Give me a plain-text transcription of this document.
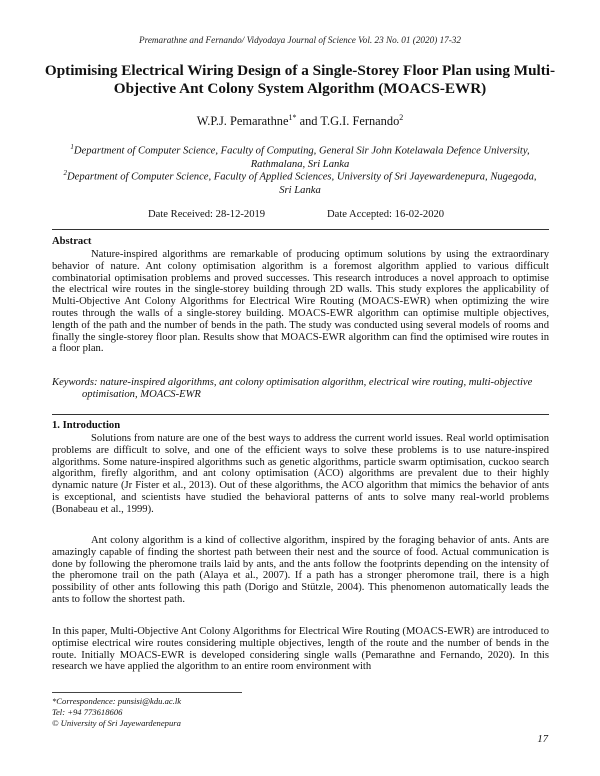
Premarathne and Fernando/ Vidyodaya Journal of Science Vol. 23 No. 01 (2020) 17-32
Optimising Electrical Wiring Design of a Single-Storey Floor Plan using Multi-Objective Ant Colony System Algorithm (MOACS-EWR)
W.P.J. Pemarathne$^{1*}$ and T.G.I. Fernando$^2$
$^1$Department of Computer Science, Faculty of Computing, General Sir John Kotelawala Defence University, Rathmalana, Sri Lanka
$^2$Department of Computer Science, Faculty of Applied Sciences, University of Sri Jayewardenepura, Nugegoda, Sri Lanka
Date Received: 28-12-2019	Date Accepted: 16-02-2020
Abstract
Nature-inspired algorithms are remarkable of producing optimum solutions by using the extraordinary behavior of nature. Ant colony optimisation algorithm is a foremost algorithm applied to various difficult combinatorial optimisation problems and proved successes. This research introduces a novel approach to optimise the electrical wire routes in the single-storey building through 2D walls. This study explores the applicability of Multi-Objective Ant Colony Algorithms for Electrical Wire Routing (MOACS-EWR) when optimizing the wire routes through the walls of a single-storey building. MOACS-EWR algorithm can optimise multiple objectives, length of the path and the number of bends in the path. The study was conducted using several models of rooms and finally the single-storey floor plan. Results show that MOACS-EWR algorithm can find the optimised wire routes in a floor plan.
Keywords: nature-inspired algorithms, ant colony optimisation algorithm, electrical wire routing, multi-objective optimisation, MOACS-EWR
1. Introduction
Solutions from nature are one of the best ways to address the current world issues. Real world optimisation problems are difficult to solve, and one of the efficient ways to solve these problems is to use nature-inspired algorithms. Some nature-inspired algorithms such as genetic algorithms, particle swarm optimisation, cuckoo search algorithm, firefly algorithm, and ant colony optimisation (ACO) algorithms are prevalent due to their highly dynamic nature (Jr Fister et al., 2013). Out of these algorithms, the ACO algorithm that mimics the behavior of ants is exceptional, and scientists have studied the behavioral patterns of ants to solve many real-world problems (Bonabeau et al., 1999).
Ant colony algorithm is a kind of collective algorithm, inspired by the foraging behavior of ants. Ants are amazingly capable of finding the shortest path between their nest and the source of food. Actual communication is done by following the pheromone trails laid by ants, and the ants follow the footprints depending on the intensity of the pheromone trail on the path (Alaya et al., 2007). If a path has a stronger pheromone trail, there is a high possibility of other ants following this path (Dorigo and Stützle, 2004). This phenomenon automatically leads the ants to follow the shortest path.
In this paper, Multi-Objective Ant Colony Algorithms for Electrical Wire Routing (MOACS-EWR) are introduced to optimise electrical wire routes considering multiple objectives, length of the route and the number of bends in the route. Initially MOACS-EWR is developed considering single walls (Pemarathne and Fernando, 2020). In this research we have applied the algorithm to an entire room environment with
*Correspondence: punsisi@kdu.ac.lk
Tel: +94 773618606
© University of Sri Jayewardenepura
17
